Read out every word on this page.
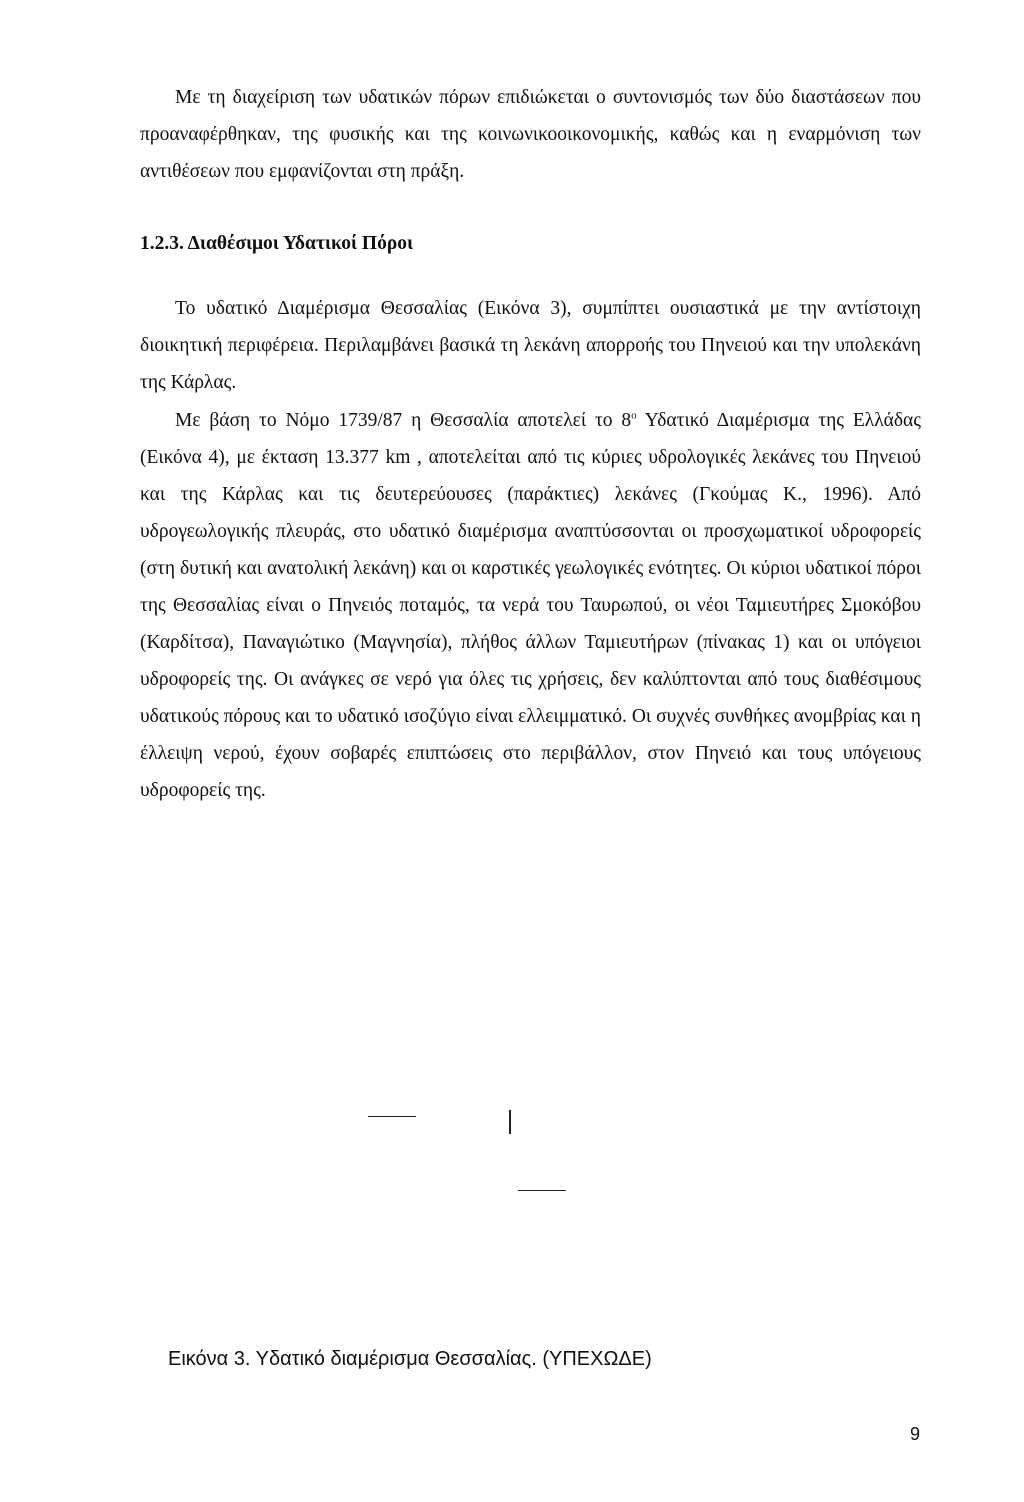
Με τη διαχείριση των υδατικών πόρων επιδιώκεται ο συντονισμός των δύο διαστάσεων που προαναφέρθηκαν, της φυσικής και της κοινωνικοοικονομικής, καθώς και η εναρμόνιση των αντιθέσεων που εμφανίζονται στη πράξη.

1.2.3. Διαθέσιμοι Υδατικοί Πόροι

Το υδατικό Διαμέρισμα Θεσσαλίας (Εικόνα 3), συμπίπτει ουσιαστικά με την αντίστοιχη διοικητική περιφέρεια. Περιλαμβάνει βασικά τη λεκάνη απορροής του Πηνειού και την υπολεκάνη της Κάρλας.

Με βάση το Νόμο 1739/87 η Θεσσαλία αποτελεί το $8^o$ Υδατικό Διαμέρισμα της Ελλάδας (Εικόνα 4), με έκταση 13.377 km , αποτελείται από τις κύριες υδρολογικές λεκάνες του Πηνειού και της Κάρλας και τις δευτερεύουσες (παράκτιες) λεκάνες (Γκούμας Κ., 1996). Από υδρογεωλογικής πλευράς, στο υδατικό διαμέρισμα αναπτύσσονται οι προσχωματικοί υδροφορείς (στη δυτική και ανατολική λεκάνη) και οι καρστικές γεωλογικές ενότητες. Οι κύριοι υδατικοί πόροι της Θεσσαλίας είναι ο Πηνειός ποταμός, τα νερά του Ταυρωπού, οι νέοι Ταμιευτήρες Σμοκόβου (Καρδίτσα), Παναγιώτικο (Μαγνησία), πλήθος άλλων Ταμιευτήρων (πίνακας 1) και οι υπόγειοι υδροφορείς της. Οι ανάγκες σε νερό για όλες τις χρήσεις, δεν καλύπτονται από τους διαθέσιμους υδατικούς πόρους και το υδατικό ισοζύγιο είναι ελλειμματικό. Οι συχνές συνθήκες ανομβρίας και η έλλειψη νερού, έχουν σοβαρές επιπτώσεις στο περιβάλλον, στον Πηνειό και τους υπόγειους υδροφορείς της.

Εικόνα 3. Υδατικό διαμέρισμα Θεσσαλίας. (ΥΠΕΧΩΔΕ)

9
